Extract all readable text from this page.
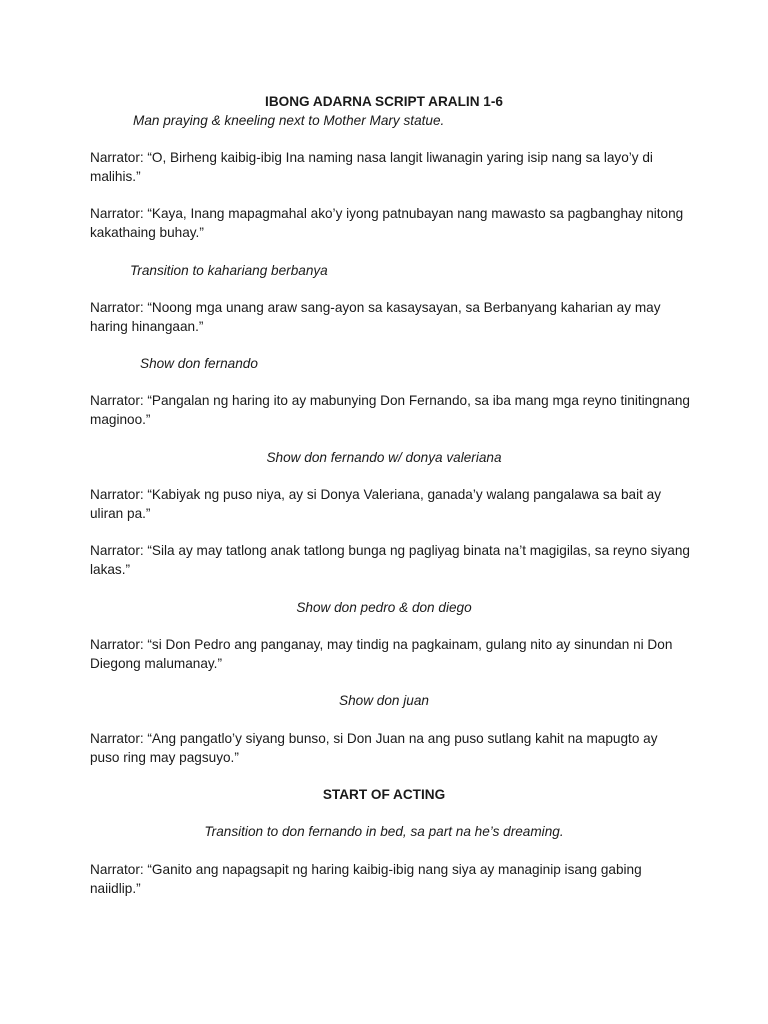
IBONG ADARNA SCRIPT ARALIN 1-6

Man praying & kneeling next to Mother Mary statue.

Narrator: “O, Birheng kaibig-ibig Ina naming nasa langit liwanagin yaring isip nang sa layo’y di malihis.”

Narrator: “Kaya, Inang mapagmahal ako’y iyong patnubayan nang mawasto sa pagbanghay nitong kakathaing buhay.”

Transition to kahariang berbanya

Narrator: “Noong mga unang araw sang-ayon sa kasaysayan, sa Berbanyang kaharian ay may haring hinangaan.”

Show don fernando

Narrator: “Pangalan ng haring ito ay mabunying Don Fernando, sa iba mang mga reyno tinitingnang maginoo.”

Show don fernando w/ donya valeriana

Narrator: “Kabiyak ng puso niya, ay si Donya Valeriana, ganada’y walang pangalawa sa bait ay uliran pa.”

Narrator: “Sila ay may tatlong anak tatlong bunga ng pagliyag binata na’t magigilas, sa reyno siyang lakas.”

Show don pedro & don diego

Narrator: “si Don Pedro ang panganay, may tindig na pagkainam, gulang nito ay sinundan ni Don Diegong malumanay.”

Show don juan

Narrator: “Ang pangatlo’y siyang bunso, si Don Juan na ang puso sutlang kahit na mapugto ay puso ring may pagsuyo.”

START OF ACTING

Transition to don fernando in bed, sa part na he’s dreaming.

Narrator: “Ganito ang napagsapit ng haring kaibig-ibig nang siya ay managinip isang gabing naiidlip.”
